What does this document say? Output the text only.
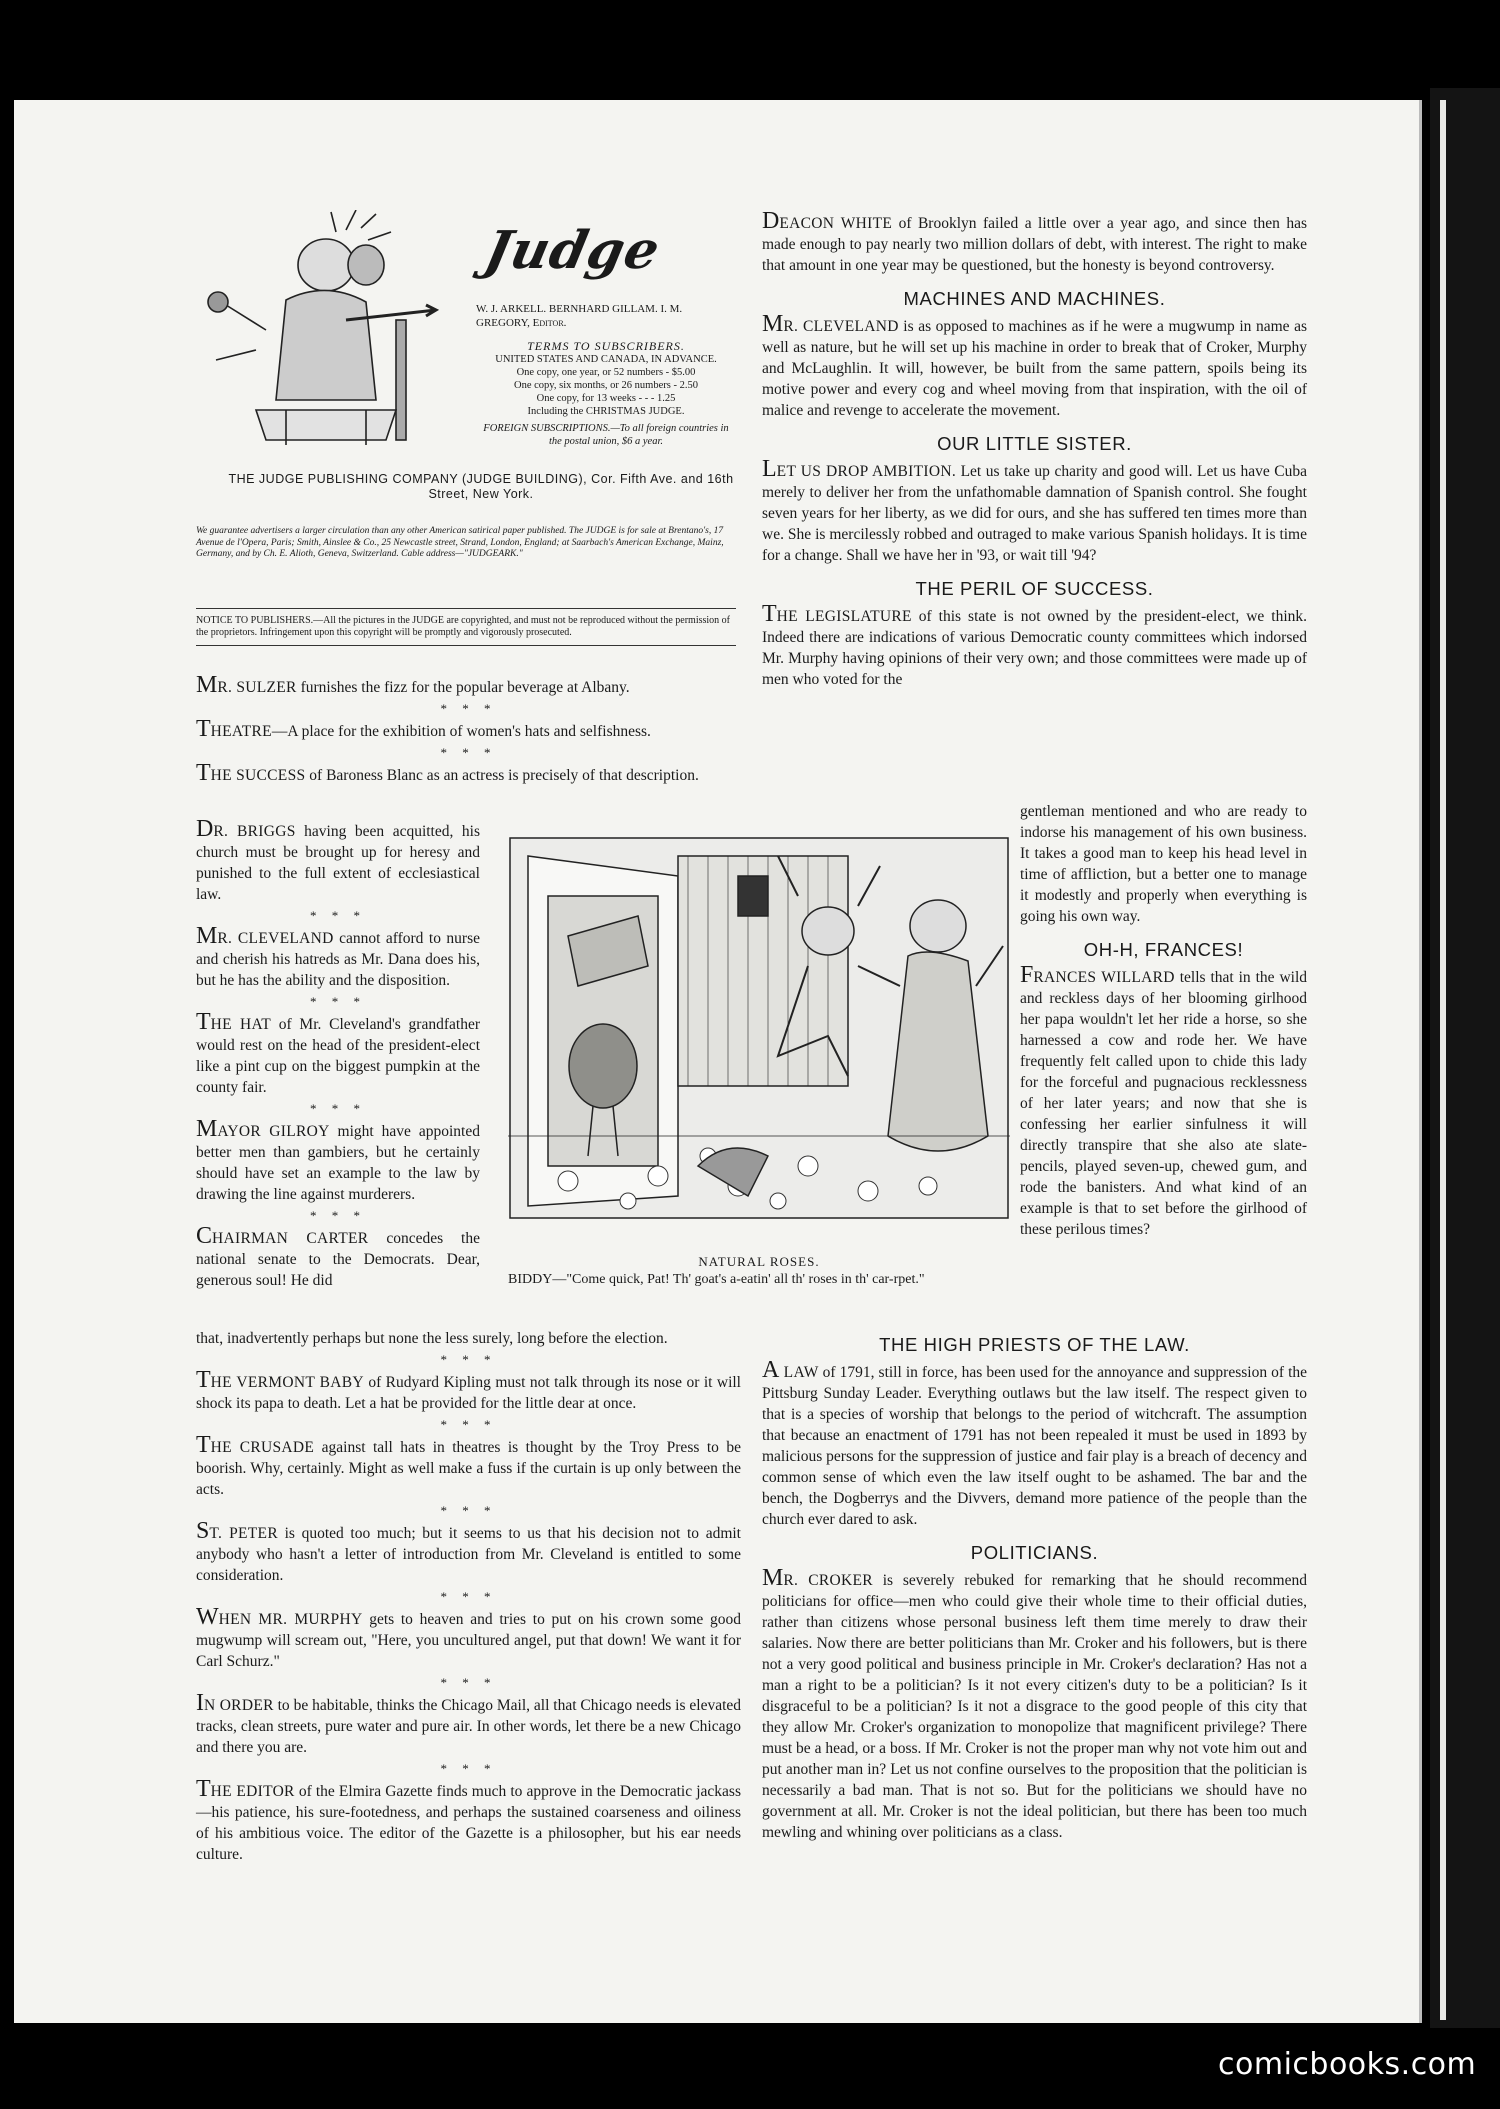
Judge
W. J. ARKELL. BERNHARD GILLAM. I. M. GREGORY, Editor.
TERMS TO SUBSCRIBERS.
UNITED STATES AND CANADA, IN ADVANCE.
One copy, one year, or 52 numbers - $5.00
One copy, six months, or 26 numbers - 2.50
One copy, for 13 weeks - - - 1.25
Including the CHRISTMAS JUDGE.
FOREIGN SUBSCRIPTIONS.—To all foreign countries in the postal union, $6 a year.
THE JUDGE PUBLISHING COMPANY (JUDGE BUILDING), Cor. Fifth Ave. and 16th Street, New York.
We guarantee advertisers a larger circulation than any other American satirical paper published. The JUDGE is for sale at Brentano's, 17 Avenue de l'Opera, Paris; Smith, Ainslee & Co., 25 Newcastle street, Strand, London, England; at Saarbach's American Exchange, Mainz, Germany, and by Ch. E. Alioth, Geneva, Switzerland. Cable address—"JUDGEARK."
NOTICE TO PUBLISHERS.—All the pictures in the JUDGE are copyrighted, and must not be reproduced without the permission of the proprietors. Infringement upon this copyright will be promptly and vigorously prosecuted.

MR. SULZER furnishes the fizz for the popular beverage at Albany.

* * *

THEATRE—A place for the exhibition of women's hats and selfishness.

* * *

THE SUCCESS of Baroness Blanc as an actress is precisely of that description.

DR. BRIGGS having been acquitted, his church must be brought up for heresy and punished to the full extent of ecclesiastical law.

* * *

MR. CLEVELAND cannot afford to nurse and cherish his hatreds as Mr. Dana does his, but he has the ability and the disposition.

* * *

THE HAT of Mr. Cleveland's grandfather would rest on the head of the president-elect like a pint cup on the biggest pumpkin at the county fair.

* * *

MAYOR GILROY might have appointed better men than gambiers, but he certainly should have set an example to the law by drawing the line against murderers.

* * *

CHAIRMAN CARTER concedes the national senate to the Democrats. Dear, generous soul! He did

NATURAL ROSES.
BIDDY—"Come quick, Pat! Th' goat's a-eatin' all th' roses in th' car-rpet."

that, inadvertently perhaps but none the less surely, long before the election.

* * *

THE VERMONT BABY of Rudyard Kipling must not talk through its nose or it will shock its papa to death. Let a hat be provided for the little dear at once.

* * *

THE CRUSADE against tall hats in theatres is thought by the Troy Press to be boorish. Why, certainly. Might as well make a fuss if the curtain is up only between the acts.

* * *

ST. PETER is quoted too much; but it seems to us that his decision not to admit anybody who hasn't a letter of introduction from Mr. Cleveland is entitled to some consideration.

* * *

WHEN MR. MURPHY gets to heaven and tries to put on his crown some good mugwump will scream out, "Here, you uncultured angel, put that down! We want it for Carl Schurz."

* * *

IN ORDER to be habitable, thinks the Chicago Mail, all that Chicago needs is elevated tracks, clean streets, pure water and pure air. In other words, let there be a new Chicago and there you are.

* * *

THE EDITOR of the Elmira Gazette finds much to approve in the Democratic jackass—his patience, his sure-footedness, and perhaps the sustained coarseness and oiliness of his ambitious voice. The editor of the Gazette is a philosopher, but his ear needs culture.

DEACON WHITE of Brooklyn failed a little over a year ago, and since then has made enough to pay nearly two million dollars of debt, with interest. The right to make that amount in one year may be questioned, but the honesty is beyond controversy.

MACHINES AND MACHINES.

MR. CLEVELAND is as opposed to machines as if he were a mugwump in name as well as nature, but he will set up his machine in order to break that of Croker, Murphy and McLaughlin. It will, however, be built from the same pattern, spoils being its motive power and every cog and wheel moving from that inspiration, with the oil of malice and revenge to accelerate the movement.

OUR LITTLE SISTER.

LET US DROP AMBITION. Let us take up charity and good will. Let us have Cuba merely to deliver her from the unfathomable damnation of Spanish control. She fought seven years for her liberty, as we did for ours, and she has suffered ten times more than we. She is mercilessly robbed and outraged to make various Spanish holidays. It is time for a change. Shall we have her in '93, or wait till '94?

THE PERIL OF SUCCESS.

THE LEGISLATURE of this state is not owned by the president-elect, we think. Indeed there are indications of various Democratic county committees which indorsed Mr. Murphy having opinions of their very own; and those committees were made up of men who voted for the

gentleman mentioned and who are ready to indorse his management of his own business. It takes a good man to keep his head level in time of affliction, but a better one to manage it modestly and properly when everything is going his own way.

OH-H, FRANCES!

FRANCES WILLARD tells that in the wild and reckless days of her blooming girlhood her papa wouldn't let her ride a horse, so she harnessed a cow and rode her. We have frequently felt called upon to chide this lady for the forceful and pugnacious recklessness of her later years; and now that she is confessing her earlier sinfulness it will directly transpire that she also ate slate-pencils, played seven-up, chewed gum, and rode the banisters. And what kind of an example is that to set before the girlhood of these perilous times?

THE HIGH PRIESTS OF THE LAW.

A LAW of 1791, still in force, has been used for the annoyance and suppression of the Pittsburg Sunday Leader. Everything outlaws but the law itself. The respect given to that is a species of worship that belongs to the period of witchcraft. The assumption that because an enactment of 1791 has not been repealed it must be used in 1893 by malicious persons for the suppression of justice and fair play is a breach of decency and common sense of which even the law itself ought to be ashamed. The bar and the bench, the Dogberrys and the Divvers, demand more patience of the people than the church ever dared to ask.

POLITICIANS.

MR. CROKER is severely rebuked for remarking that he should recommend politicians for office—men who could give their whole time to their official duties, rather than citizens whose personal business left them time merely to draw their salaries. Now there are better politicians than Mr. Croker and his followers, but is there not a very good political and business principle in Mr. Croker's declaration? Has not a man a right to be a politician? Is it not every citizen's duty to be a politician? Is it disgraceful to be a politician? Is it not a disgrace to the good people of this city that they allow Mr. Croker's organization to monopolize that magnificent privilege? There must be a head, or a boss. If Mr. Croker is not the proper man why not vote him out and put another man in? Let us not confine ourselves to the proposition that the politician is necessarily a bad man. That is not so. But for the politicians we should have no government at all. Mr. Croker is not the ideal politician, but there has been too much mewling and whining over politicians as a class.

comicbooks.com
